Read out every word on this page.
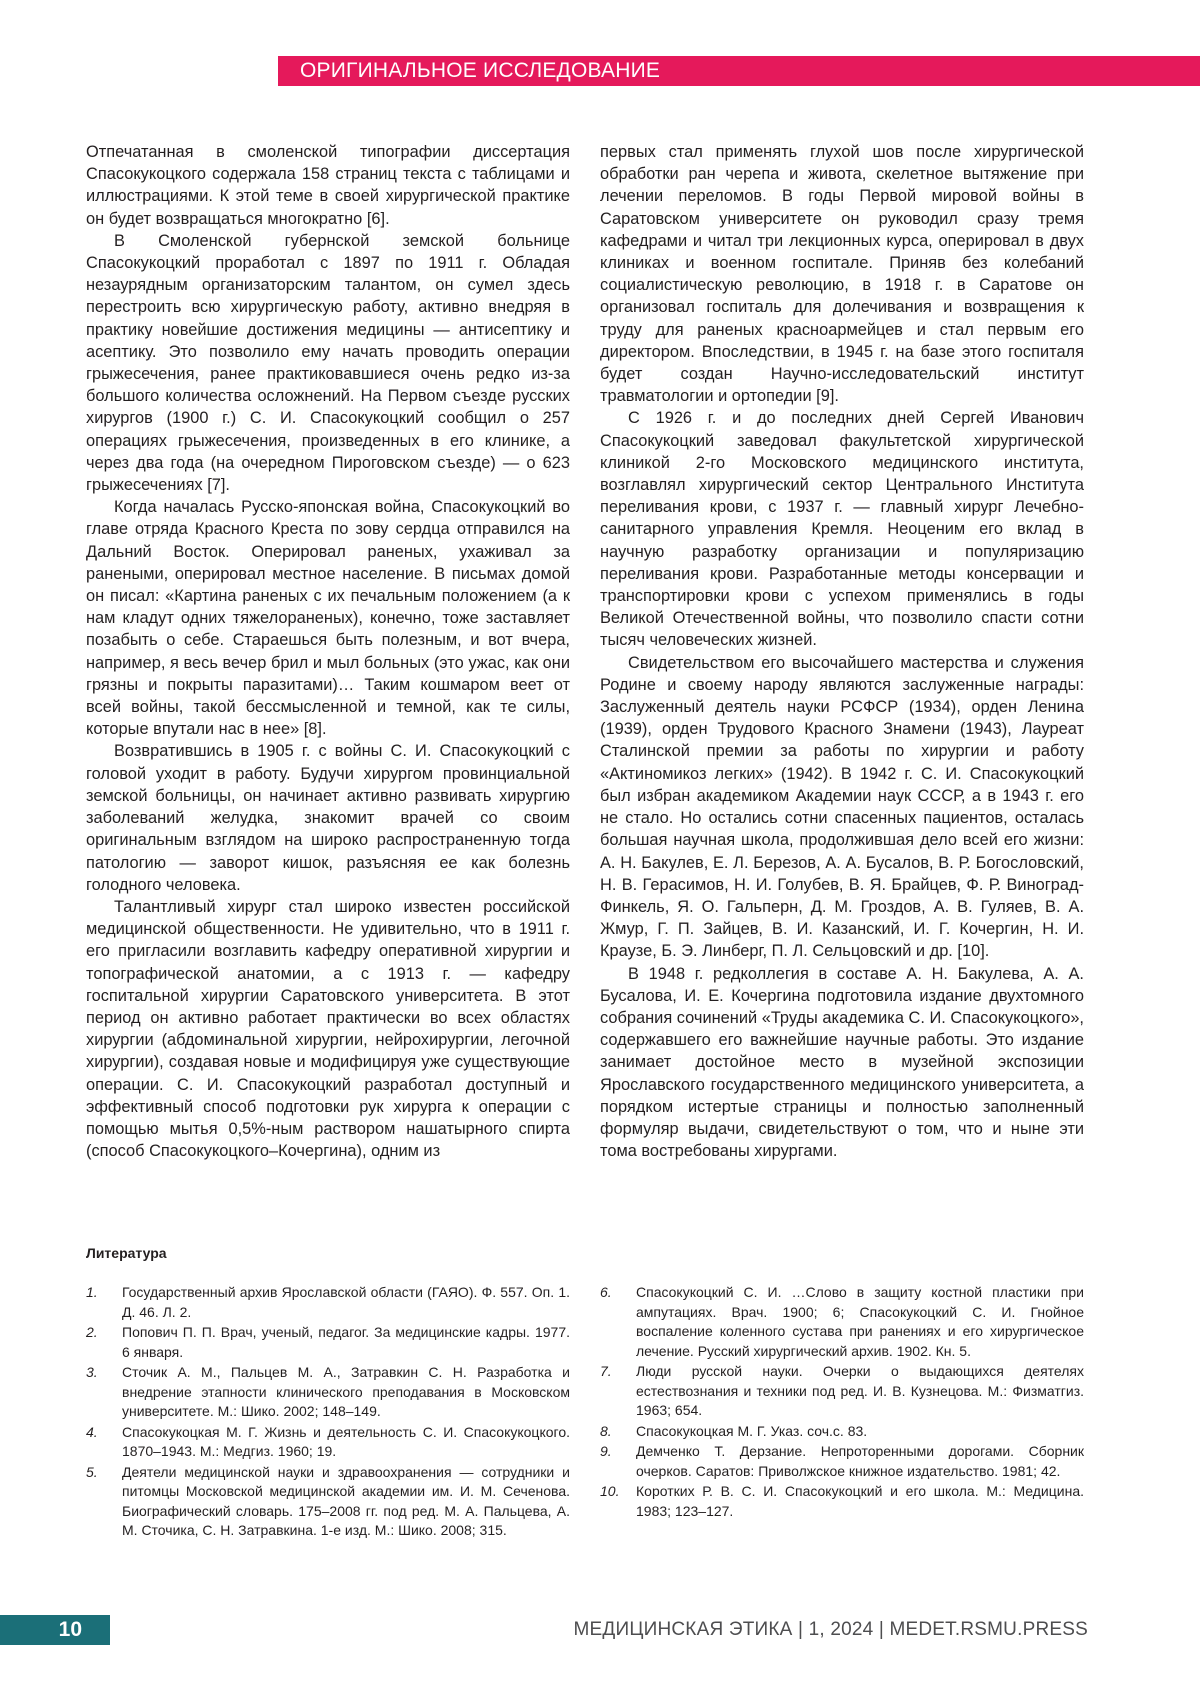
ОРИГИНАЛЬНОЕ ИССЛЕДОВАНИЕ

Отпечатанная в смоленской типографии диссертация Спасокукоцкого содержала 158 страниц текста с таблицами и иллюстрациями. К этой теме в своей хирургической практике он будет возвращаться многократно [6].

В Смоленской губернской земской больнице Спасокукоцкий проработал с 1897 по 1911 г. Обладая незаурядным организаторским талантом, он сумел здесь перестроить всю хирургическую работу, активно внедряя в практику новейшие достижения медицины — антисептику и асептику. Это позволило ему начать проводить операции грыжесечения, ранее практиковавшиеся очень редко из-за большого количества осложнений. На Первом съезде русских хирургов (1900 г.) С. И. Спасокукоцкий сообщил о 257 операциях грыжесечения, произведенных в его клинике, а через два года (на очередном Пироговском съезде) — о 623 грыжесечениях [7].

Когда началась Русско-японская война, Спасокукоцкий во главе отряда Красного Креста по зову сердца отправился на Дальний Восток. Оперировал раненых, ухаживал за ранеными, оперировал местное население. В письмах домой он писал: «Картина раненых с их печальным положением (а к нам кладут одних тяжелораненых), конечно, тоже заставляет позабыть о себе. Стараешься быть полезным, и вот вчера, например, я весь вечер брил и мыл больных (это ужас, как они грязны и покрыты паразитами)… Таким кошмаром веет от всей войны, такой бессмысленной и темной, как те силы, которые впутали нас в нее» [8].

Возвратившись в 1905 г. с войны С. И. Спасокукоцкий с головой уходит в работу. Будучи хирургом провинциальной земской больницы, он начинает активно развивать хирургию заболеваний желудка, знакомит врачей со своим оригинальным взглядом на широко распространенную тогда патологию — заворот кишок, разъясняя ее как болезнь голодного человека.

Талантливый хирург стал широко известен российской медицинской общественности. Не удивительно, что в 1911 г. его пригласили возглавить кафедру оперативной хирургии и топографической анатомии, а с 1913 г. — кафедру госпитальной хирургии Саратовского университета. В этот период он активно работает практически во всех областях хирургии (абдоминальной хирургии, нейрохирургии, легочной хирургии), создавая новые и модифицируя уже существующие операции. С. И. Спасокукоцкий разработал доступный и эффективный способ подготовки рук хирурга к операции с помощью мытья 0,5%-ным раствором нашатырного спирта (способ Спасокукоцкого–Кочергина), одним из

первых стал применять глухой шов после хирургической обработки ран черепа и живота, скелетное вытяжение при лечении переломов. В годы Первой мировой войны в Саратовском университете он руководил сразу тремя кафедрами и читал три лекционных курса, оперировал в двух клиниках и военном госпитале. Приняв без колебаний социалистическую революцию, в 1918 г. в Саратове он организовал госпиталь для долечивания и возвращения к труду для раненых красноармейцев и стал первым его директором. Впоследствии, в 1945 г. на базе этого госпиталя будет создан Научно-исследовательский институт травматологии и ортопедии [9].

С 1926 г. и до последних дней Сергей Иванович Спасокукоцкий заведовал факультетской хирургической клиникой 2-го Московского медицинского института, возглавлял хирургический сектор Центрального Института переливания крови, с 1937 г. — главный хирург Лечебно-санитарного управления Кремля. Неоценим его вклад в научную разработку организации и популяризацию переливания крови. Разработанные методы консервации и транспортировки крови с успехом применялись в годы Великой Отечественной войны, что позволило спасти сотни тысяч человеческих жизней.

Свидетельством его высочайшего мастерства и служения Родине и своему народу являются заслуженные награды: Заслуженный деятель науки РСФСР (1934), орден Ленина (1939), орден Трудового Красного Знамени (1943), Лауреат Сталинской премии за работы по хирургии и работу «Актиномикоз легких» (1942). В 1942 г. С. И. Спасокукоцкий был избран академиком Академии наук СССР, а в 1943 г. его не стало. Но остались сотни спасенных пациентов, осталась большая научная школа, продолжившая дело всей его жизни: А. Н. Бакулев, Е. Л. Березов, А. А. Бусалов, В. Р. Богословский, Н. В. Герасимов, Н. И. Голубев, В. Я. Брайцев, Ф. Р. Виноград-Финкель, Я. О. Гальперн, Д. М. Гроздов, А. В. Гуляев, В. А. Жмур, Г. П. Зайцев, В. И. Казанский, И. Г. Кочергин, Н. И. Краузе, Б. Э. Линберг, П. Л. Сельцовский и др. [10].

В 1948 г. редколлегия в составе А. Н. Бакулева, А. А. Бусалова, И. Е. Кочергина подготовила издание двухтомного собрания сочинений «Труды академика С. И. Спасокукоцкого», содержавшего его важнейшие научные работы. Это издание занимает достойное место в музейной экспозиции Ярославского государственного медицинского университета, а порядком истертые страницы и полностью заполненный формуляр выдачи, свидетельствуют о том, что и ныне эти тома востребованы хирургами.

Литература
1. Государственный архив Ярославской области (ГАЯО). Ф. 557. Оп. 1. Д. 46. Л. 2.
2. Попович П. П. Врач, ученый, педагог. За медицинские кадры. 1977. 6 января.
3. Сточик А. М., Пальцев М. А., Затравкин С. Н. Разработка и внедрение этапности клинического преподавания в Московском университете. М.: Шико. 2002; 148–149.
4. Спасокукоцкая М. Г. Жизнь и деятельность С. И. Спасокукоцкого. 1870–1943. М.: Медгиз. 1960; 19.
5. Деятели медицинской науки и здравоохранения — сотрудники и питомцы Московской медицинской академии им. И. М. Сеченова. Биографический словарь. 175–2008 гг. под ред. М. А. Пальцева, А. М. Сточика, С. Н. Затравкина. 1-е изд. М.: Шико. 2008; 315.
6. Спасокукоцкий С. И. …Слово в защиту костной пластики при ампутациях. Врач. 1900; 6; Спасокукоцкий С. И. Гнойное воспаление коленного сустава при ранениях и его хирургическое лечение. Русский хирургический архив. 1902. Кн. 5.
7. Люди русской науки. Очерки о выдающихся деятелях естествознания и техники под ред. И. В. Кузнецова. М.: Физматгиз. 1963; 654.
8. Спасокукоцкая М. Г. Указ. соч.с. 83.
9. Демченко Т. Дерзание. Непроторенными дорогами. Сборник очерков. Саратов: Приволжское книжное издательство. 1981; 42.
10. Коротких Р. В. С. И. Спасокукоцкий и его школа. М.: Медицина. 1983; 123–127.
10	МЕДИЦИНСКАЯ ЭТИКА | 1, 2024 | MEDET.RSMU.PRESS
